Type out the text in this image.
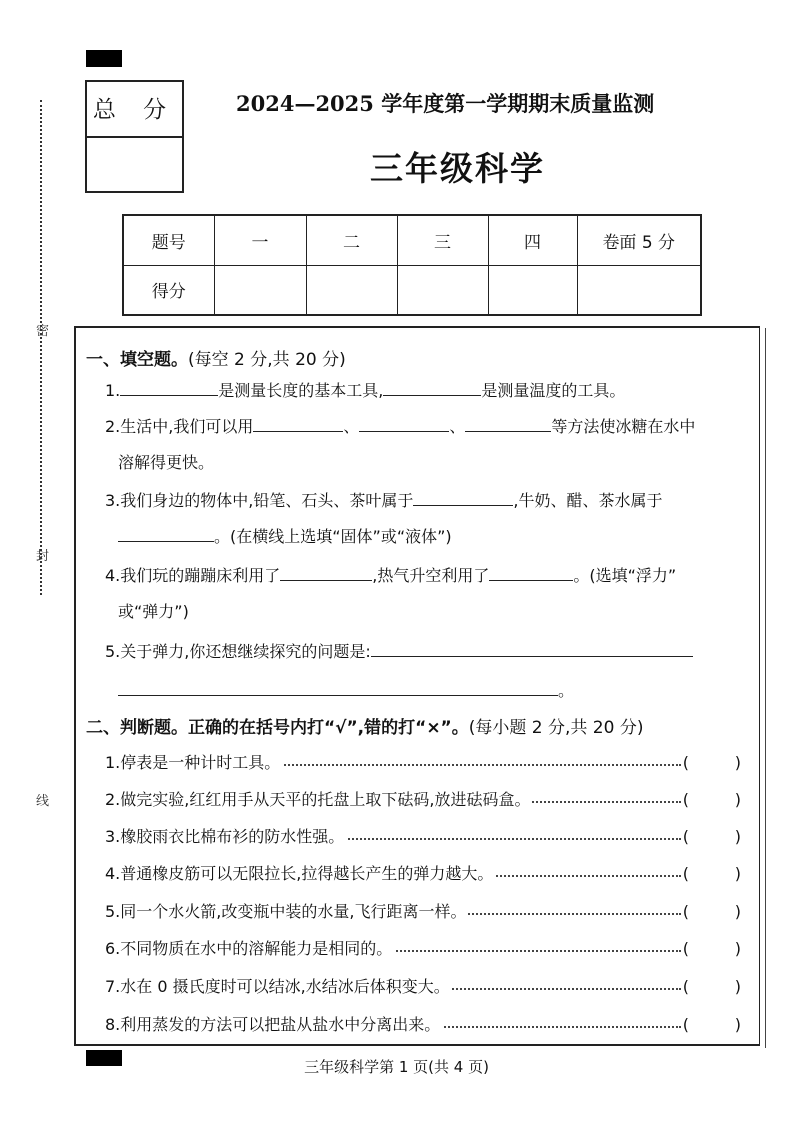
密
封
线
总 分	2024—2025 学年度第一学期期末质量监测
三年级科学
题号	一	二	三	四	卷面 5 分
得分					
一、填空题。(每空 2 分,共 20 分)
1.	是测量长度的基本工具,	是测量温度的工具。
2.生活中,我们可以用	、	、	等方法使冰糖在水中
溶解得更快。
3.我们身边的物体中,铅笔、石头、茶叶属于	,牛奶、醋、茶水属于
。(在横线上选填“固体”或“液体”)
4.我们玩的蹦蹦床利用了	,热气升空利用了	。(选填“浮力”
或“弹力”)
5.关于弹力,你还想继续探究的问题是:
。
二、判断题。正确的在括号内打“√”,错的打“×”。(每小题 2 分,共 20 分)
1.停表是一种计时工具。	(	)
2.做完实验,红红用手从天平的托盘上取下砝码,放进砝码盒。	(	)
3.橡胶雨衣比棉布衫的防水性强。	(	)
4.普通橡皮筋可以无限拉长,拉得越长产生的弹力越大。	(	)
5.同一个水火箭,改变瓶中装的水量,飞行距离一样。	(	)
6.不同物质在水中的溶解能力是相同的。	(	)
7.水在 0 摄氏度时可以结冰,水结冰后体积变大。	(	)
8.利用蒸发的方法可以把盐从盐水中分离出来。	(	)
三年级科学第 1 页(共 4 页)
